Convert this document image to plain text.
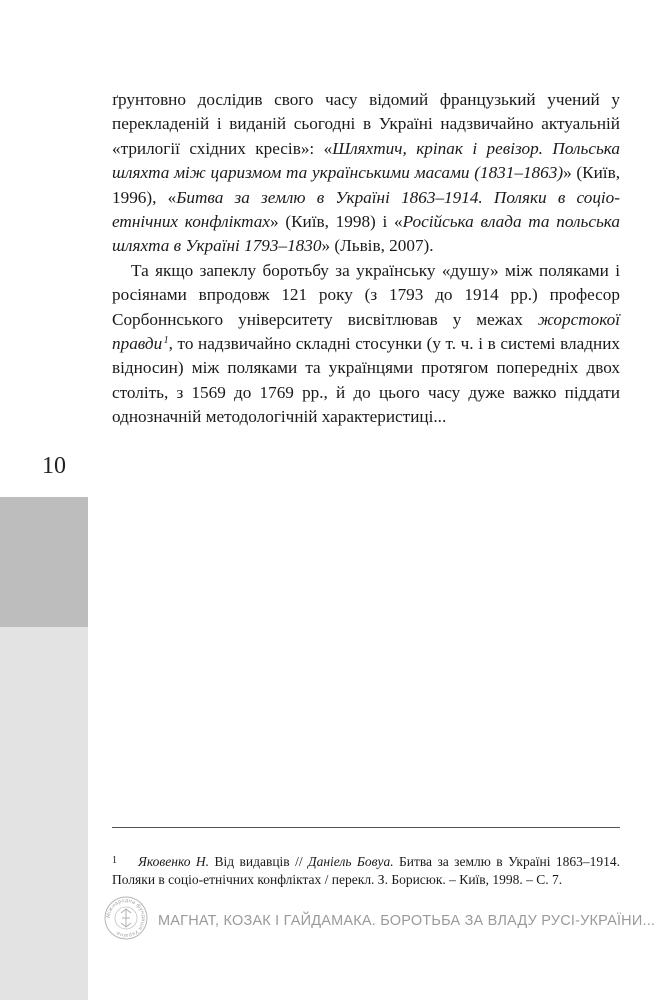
10

ґрунтовно дослідив свого часу відомий французький учений у перекладеній і виданій сьогодні в Україні надзвичайно актуальній «трилогії східних кресів»: «Шляхтич, кріпак і ревізор. Польська шляхта між царизмом та українськими масами (1831–1863)» (Київ, 1996), «Битва за землю в Україні 1863–1914. Поляки в соціо-етнічних конфліктах» (Київ, 1998) і «Російська влада та польська шляхта в Україні 1793–1830» (Львів, 2007).

Та якщо запеклу боротьбу за українську «душу» між поляками і росіянами впродовж 121 року (з 1793 до 1914 рр.) професор Сорбоннського університету висвітлював у межах жорстокої правди $^1$, то надзвичайно складні стосунки (у т. ч. і в системі владних відносин) між поляками та українцями протягом попередніх двох століть, з 1569 до 1769 рр., й до цього часу дуже важко піддати однозначній методологічній характеристиці...

1 Яковенко Н. Від видавців // Даніель Бовуа. Битва за землю в Україні 1863–1914. Поляки в соціо-етнічних конфліктах / перекл. З. Борисюк. – Київ, 1998. – С. 7.
Міжнародна фундація Україна
МАГНАТ, КОЗАК І ГАЙДАМАКА. БОРОТЬБА ЗА ВЛАДУ РУСІ-УКРАЇНИ...
